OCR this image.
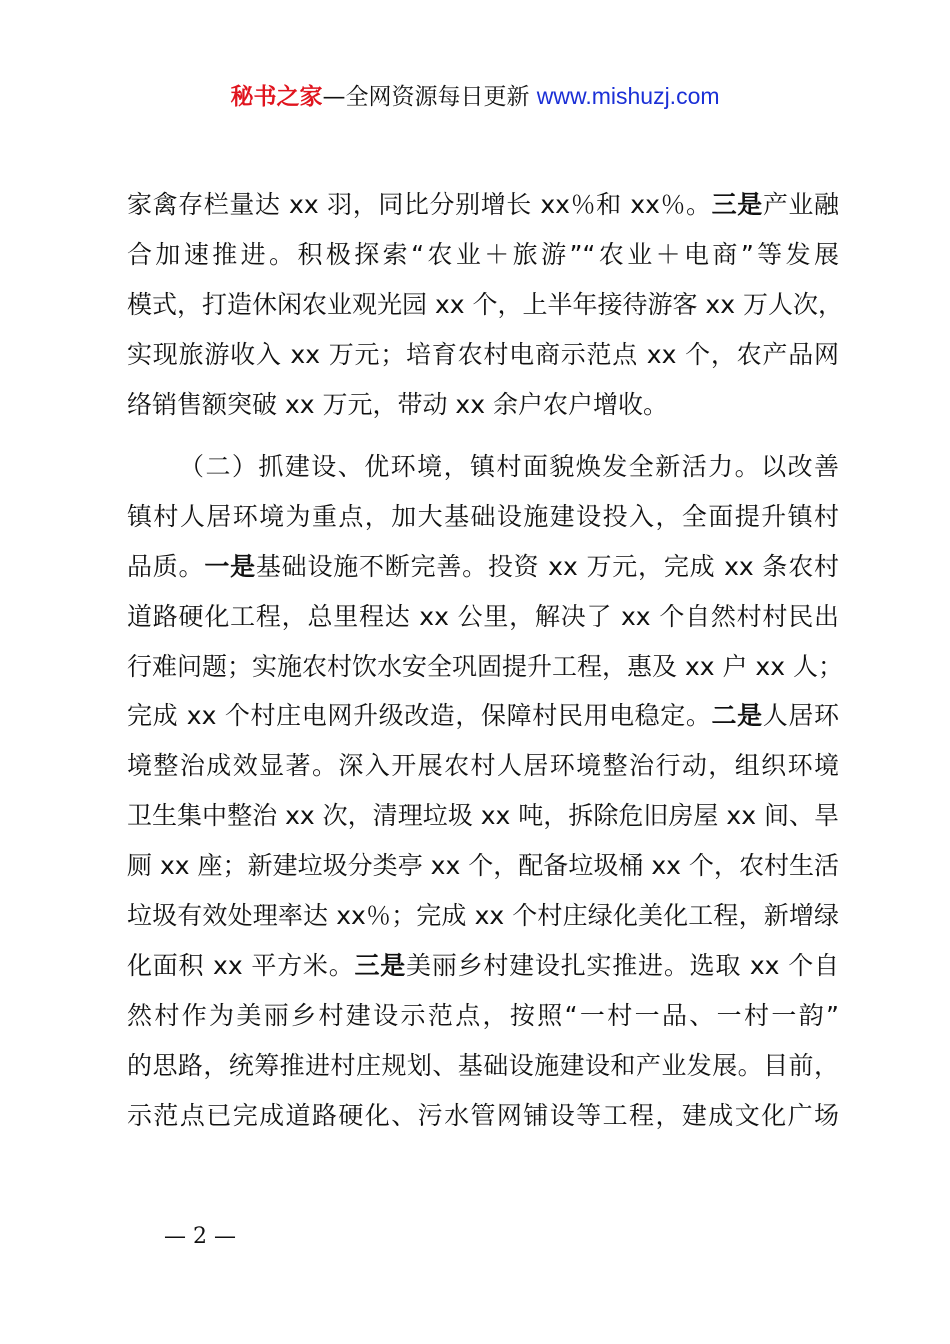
秘书之家—全网资源每日更新 www.mishuzj.com
家禽存栏量达 xx 羽，同比分别增长 xx％和 xx％。三是产业融
合加速推进。积极探索“农业＋旅游”“农业＋电商”等发展
模式，打造休闲农业观光园 xx 个，上半年接待游客 xx 万人次，
实现旅游收入 xx 万元；培育农村电商示范点 xx 个，农产品网
络销售额突破 xx 万元，带动 xx 余户农户增收。
（二）抓建设、优环境，镇村面貌焕发全新活力。以改善
镇村人居环境为重点，加大基础设施建设投入，全面提升镇村
品质。一是基础设施不断完善。投资 xx 万元，完成 xx 条农村
道路硬化工程，总里程达 xx 公里，解决了 xx 个自然村村民出
行难问题；实施农村饮水安全巩固提升工程，惠及 xx 户 xx 人；
完成 xx 个村庄电网升级改造，保障村民用电稳定。二是人居环
境整治成效显著。深入开展农村人居环境整治行动，组织环境
卫生集中整治 xx 次，清理垃圾 xx 吨，拆除危旧房屋 xx 间、旱
厕 xx 座；新建垃圾分类亭 xx 个，配备垃圾桶 xx 个，农村生活
垃圾有效处理率达 xx％；完成 xx 个村庄绿化美化工程，新增绿
化面积 xx 平方米。三是美丽乡村建设扎实推进。选取 xx 个自
然村作为美丽乡村建设示范点，按照“一村一品、一村一韵”
的思路，统筹推进村庄规划、基础设施建设和产业发展。目前，
示范点已完成道路硬化、污水管网铺设等工程，建成文化广场
— 2 —
